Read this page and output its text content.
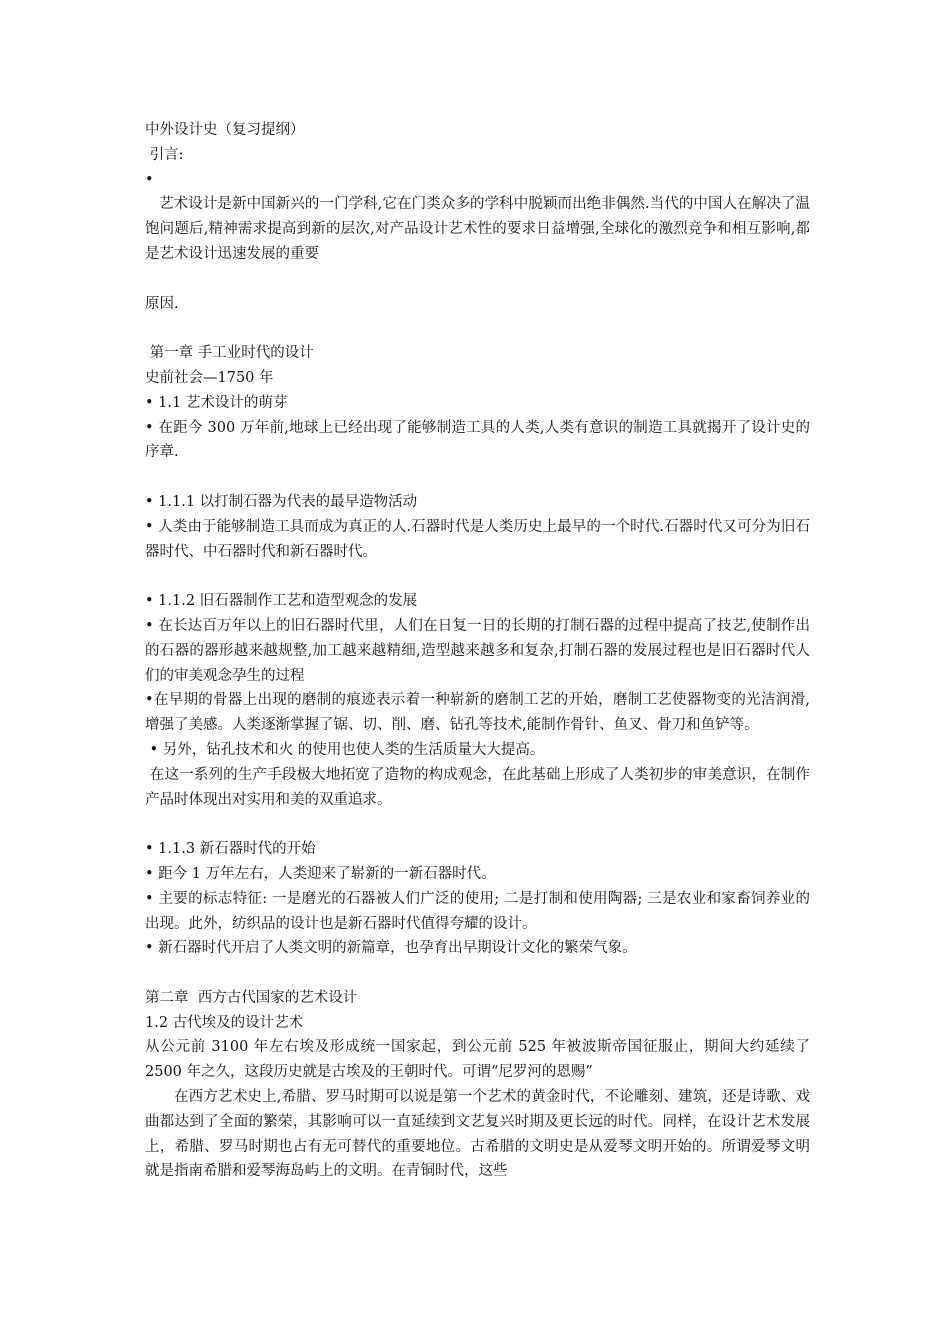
中外设计史（复习提纲）

引言:

•

艺术设计是新中国新兴的一门学科,它在门类众多的学科中脱颖而出绝非偶然.当代的中国人在解决了温饱问题后,精神需求提高到新的层次,对产品设计艺术性的要求日益增强,全球化的激烈竞争和相互影响,都是艺术设计迅速发展的重要

原因.

第一章 手工业时代的设计

史前社会—1750 年

• 1.1 艺术设计的萌芽

• 在距今 300 万年前,地球上已经出现了能够制造工具的人类,人类有意识的制造工具就揭开了设计史的序章.

• 1.1.1 以打制石器为代表的最早造物活动

• 人类由于能够制造工具而成为真正的人.石器时代是人类历史上最早的一个时代.石器时代又可分为旧石器时代、中石器时代和新石器时代。

• 1.1.2 旧石器制作工艺和造型观念的发展

• 在长达百万年以上的旧石器时代里，人们在日复一日的长期的打制石器的过程中提高了技艺,使制作出的石器的器形越来越规整,加工越来越精细,造型越来越多和复杂,打制石器的发展过程也是旧石器时代人们的审美观念孕生的过程

•在早期的骨器上出现的磨制的痕迹表示着一种崭新的磨制工艺的开始，磨制工艺使器物变的光洁润滑,增强了美感。人类逐渐掌握了锯、切、削、磨、钻孔等技术,能制作骨针、鱼叉、骨刀和鱼铲等。

• 另外，钻孔技术和火 的使用也使人类的生活质量大大提高。

在这一系列的生产手段极大地拓宽了造物的构成观念，在此基础上形成了人类初步的审美意识，在制作产品时体现出对实用和美的双重追求。

• 1.1.3 新石器时代的开始

• 距今 1 万年左右，人类迎来了崭新的一新石器时代。

• 主要的标志特征: 一是磨光的石器被人们广泛的使用; 二是打制和使用陶器; 三是农业和家畜饲养业的出现。此外，纺织品的设计也是新石器时代值得夸耀的设计。

• 新石器时代开启了人类文明的新篇章，也孕育出早期设计文化的繁荣气象。

第二章  西方古代国家的艺术设计

1.2 古代埃及的设计艺术

从公元前 3100 年左右埃及形成统一国家起，到公元前 525 年被波斯帝国征服止，期间大约延续了 2500 年之久，这段历史就是古埃及的王朝时代。可谓“尼罗河的恩赐”

在西方艺术史上,希腊、罗马时期可以说是第一个艺术的黄金时代，不论雕刻、建筑，还是诗歌、戏曲都达到了全面的繁荣，其影响可以一直延续到文艺复兴时期及更长远的时代。同样，在设计艺术发展上，希腊、罗马时期也占有无可替代的重要地位。古希腊的文明史是从爱琴文明开始的。所谓爱琴文明就是指南希腊和爱琴海岛屿上的文明。在青铜时代，这些
